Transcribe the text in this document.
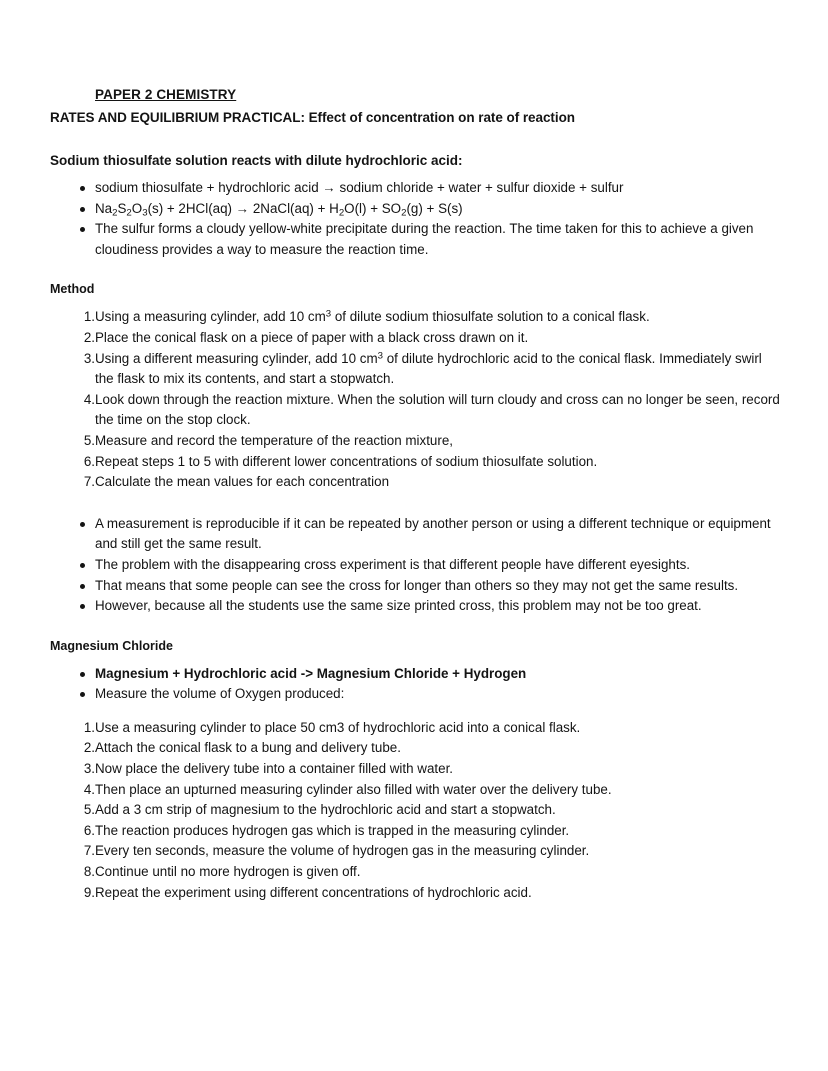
PAPER 2 CHEMISTRY
RATES AND EQUILIBRIUM PRACTICAL: Effect of concentration on rate of reaction
Sodium thiosulfate solution reacts with dilute hydrochloric acid:
sodium thiosulfate + hydrochloric acid → sodium chloride + water + sulfur dioxide + sulfur
$Na_2S_2O_3(s) + 2HCl(aq)$ → 2NaCl(aq) + $H_2O(l) + SO_2(g) + S(s)$
The sulfur forms a cloudy yellow-white precipitate during the reaction. The time taken for this to achieve a given cloudiness provides a way to measure the reaction time.
Method
Using a measuring cylinder, add 10 $cm^3$ of dilute sodium thiosulfate solution to a conical flask.
Place the conical flask on a piece of paper with a black cross drawn on it.
Using a different measuring cylinder, add 10 $cm^3$ of dilute hydrochloric acid to the conical flask. Immediately swirl the flask to mix its contents, and start a stopwatch.
Look down through the reaction mixture. When the solution will turn cloudy and cross can no longer be seen, record the time on the stop clock.
Measure and record the temperature of the reaction mixture,
Repeat steps 1 to 5 with different lower concentrations of sodium thiosulfate solution.
Calculate the mean values for each concentration
A measurement is reproducible if it can be repeated by another person or using a different technique or equipment and still get the same result.
The problem with the disappearing cross experiment is that different people have different eyesights.
That means that some people can see the cross for longer than others so they may not get the same results.
However, because all the students use the same size printed cross, this problem may not be too great.
Magnesium Chloride
Magnesium + Hydrochloric acid -> Magnesium Chloride + Hydrogen
Measure the volume of Oxygen produced:
Use a measuring cylinder to place 50 cm3 of hydrochloric acid into a conical flask.
Attach the conical flask to a bung and delivery tube.
Now place the delivery tube into a container filled with water.
Then place an upturned measuring cylinder also filled with water over the delivery tube.
Add a 3 cm strip of magnesium to the hydrochloric acid and start a stopwatch.
The reaction produces hydrogen gas which is trapped in the measuring cylinder.
Every ten seconds, measure the volume of hydrogen gas in the measuring cylinder.
Continue until no more hydrogen is given off.
Repeat the experiment using different concentrations of hydrochloric acid.
